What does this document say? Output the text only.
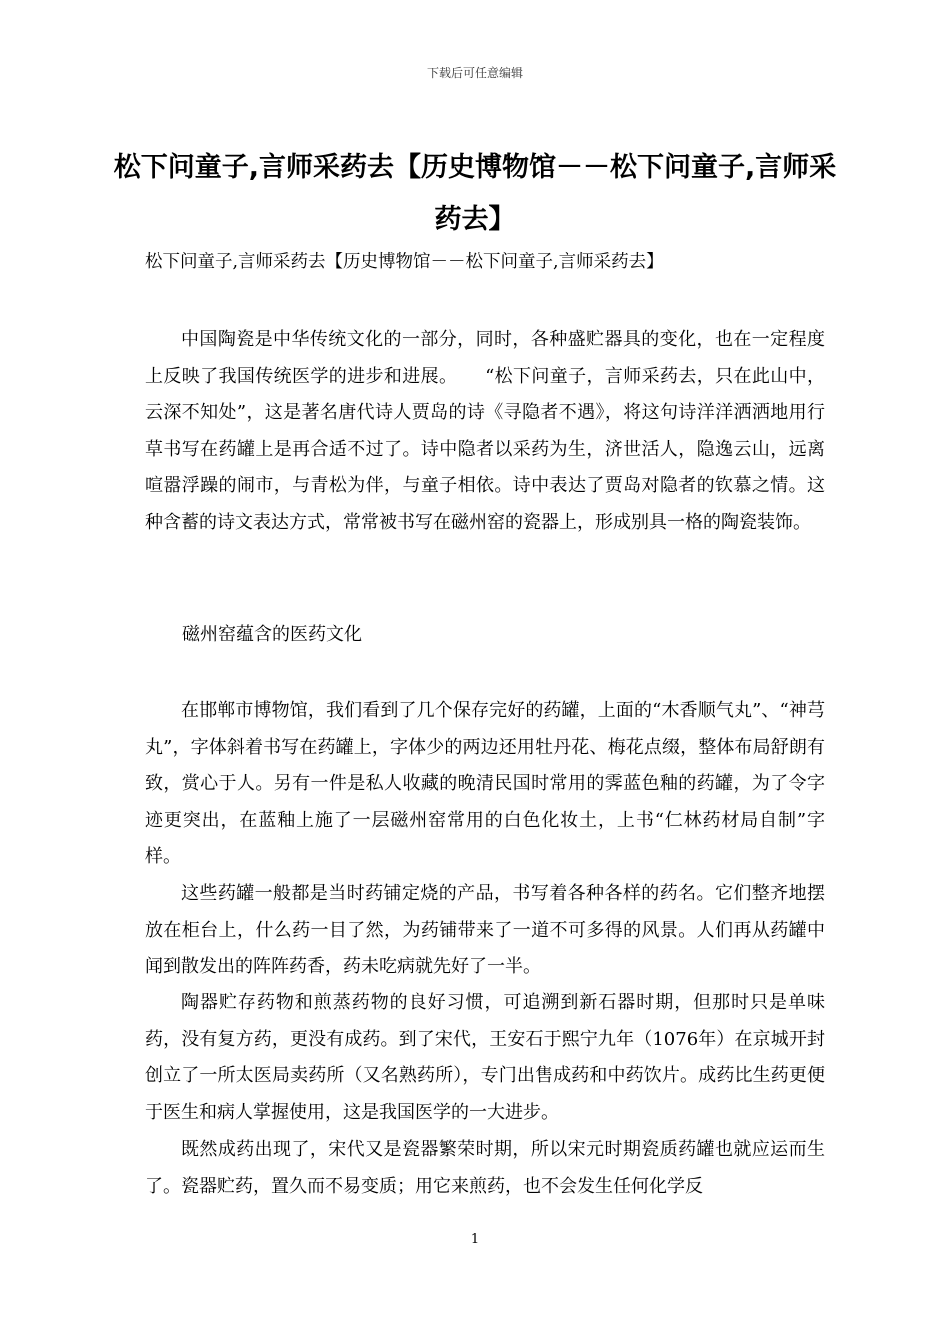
下载后可任意编辑
松下问童子,言师采药去【历史博物馆－－松下问童子,言师采药去】
松下问童子,言师采药去【历史博物馆－－松下问童子,言师采药去】
中国陶瓷是中华传统文化的一部分，同时，各种盛贮器具的变化，也在一定程度上反映了我国传统医学的进步和进展。　　“松下问童子，言师采药去，只在此山中，云深不知处”，这是著名唐代诗人贾岛的诗《寻隐者不遇》，将这句诗洋洋洒洒地用行草书写在药罐上是再合适不过了。诗中隐者以采药为生，济世活人，隐逸云山，远离喧嚣浮躁的闹市，与青松为伴，与童子相依。诗中表达了贾岛对隐者的钦慕之情。这种含蓄的诗文表达方式，常常被书写在磁州窑的瓷器上，形成别具一格的陶瓷装饰。
磁州窑蕴含的医药文化
在邯郸市博物馆，我们看到了几个保存完好的药罐，上面的“木香顺气丸”、“神芎丸”，字体斜着书写在药罐上，字体少的两边还用牡丹花、梅花点缀，整体布局舒朗有致，赏心于人。另有一件是私人收藏的晚清民国时常用的霁蓝色釉的药罐，为了令字迹更突出，在蓝釉上施了一层磁州窑常用的白色化妆土，上书“仁林药材局自制”字样。
这些药罐一般都是当时药铺定烧的产品，书写着各种各样的药名。它们整齐地摆放在柜台上，什么药一目了然，为药铺带来了一道不可多得的风景。人们再从药罐中闻到散发出的阵阵药香，药未吃病就先好了一半。
陶器贮存药物和煎蒸药物的良好习惯，可追溯到新石器时期，但那时只是单味药，没有复方药，更没有成药。到了宋代，王安石于熙宁九年（1076年）在京城开封创立了一所太医局卖药所（又名熟药所），专门出售成药和中药饮片。成药比生药更便于医生和病人掌握使用，这是我国医学的一大进步。
既然成药出现了，宋代又是瓷器繁荣时期，所以宋元时期瓷质药罐也就应运而生了。瓷器贮药，置久而不易变质；用它来煎药，也不会发生任何化学反
1
